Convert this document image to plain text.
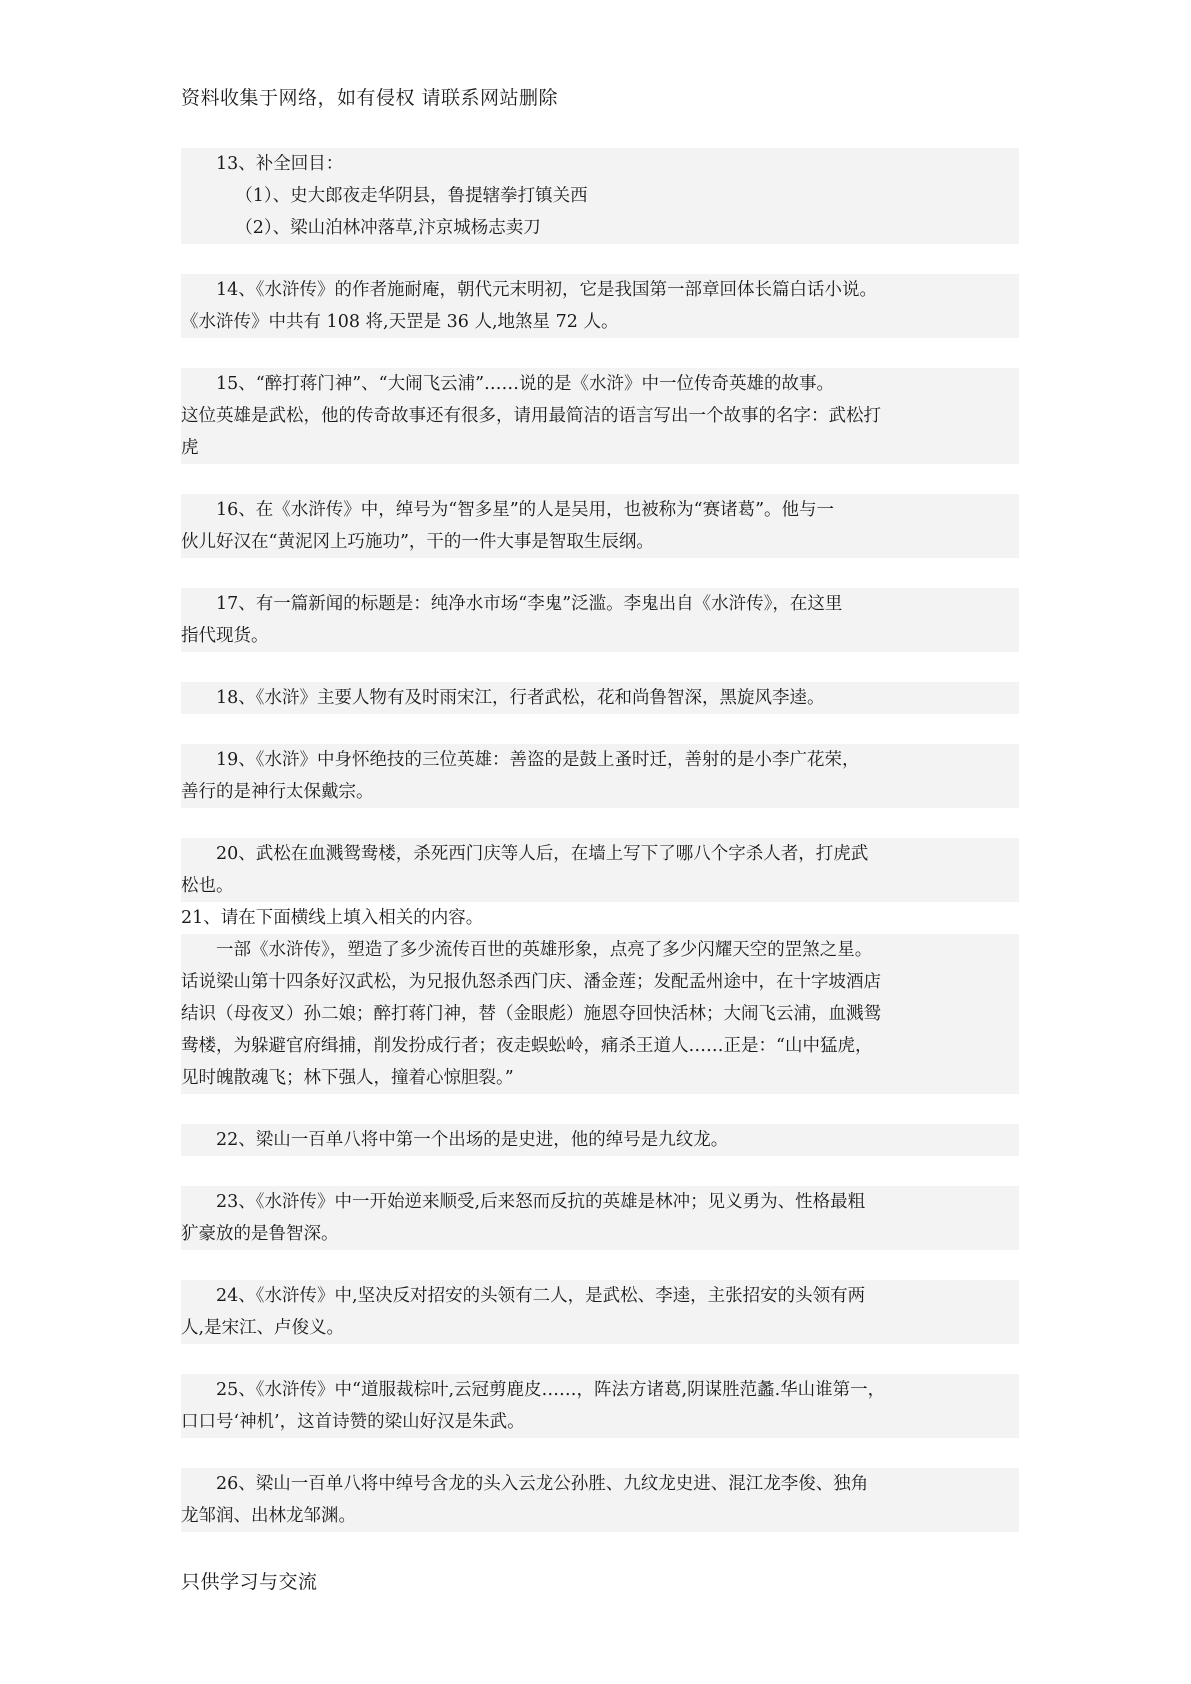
资料收集于网络，如有侵权 请联系网站删除

13、补全回目：

（1）、史大郎夜走华阴县，鲁提辖拳打镇关西

（2）、梁山泊林冲落草,汴京城杨志卖刀

14、《水浒传》的作者施耐庵，朝代元末明初，它是我国第一部章回体长篇白话小说。

《水浒传》中共有 108 将,天罡是 36 人,地煞星 72 人。

15、“醉打蒋门神”、“大闹飞云浦”……说的是《水浒》中一位传奇英雄的故事。

这位英雄是武松，他的传奇故事还有很多，请用最简洁的语言写出一个故事的名字：武松打

虎

16、在《水浒传》中，绰号为“智多星”的人是吴用，也被称为“赛诸葛”。他与一

伙儿好汉在“黄泥冈上巧施功”，干的一件大事是智取生辰纲。

17、有一篇新闻的标题是：纯净水市场“李鬼”泛滥。李鬼出自《水浒传》，在这里

指代现货。

18、《水浒》主要人物有及时雨宋江，行者武松，花和尚鲁智深，黑旋风李逵。

19、《水浒》中身怀绝技的三位英雄：善盗的是鼓上蚤时迁，善射的是小李广花荣，

善行的是神行太保戴宗。

20、武松在血溅鸳鸯楼，杀死西门庆等人后，在墙上写下了哪八个字杀人者，打虎武

松也。

21、请在下面横线上填入相关的内容。

一部《水浒传》，塑造了多少流传百世的英雄形象，点亮了多少闪耀天空的罡煞之星。

话说梁山第十四条好汉武松，为兄报仇怒杀西门庆、潘金莲；发配孟州途中，在十字坡酒店

结识（母夜叉）孙二娘；醉打蒋门神，替（金眼彪）施恩夺回快活林；大闹飞云浦，血溅鸳

鸯楼，为躲避官府缉捕，削发扮成行者；夜走蜈蚣岭，痛杀王道人……正是：“山中猛虎，

见时魄散魂飞；林下强人，撞着心惊胆裂。”

22、梁山一百单八将中第一个出场的是史进，他的绰号是九纹龙。

23、《水浒传》中一开始逆来顺受,后来怒而反抗的英雄是林冲；见义勇为、性格最粗

犷豪放的是鲁智深。

24、《水浒传》中,坚决反对招安的头领有二人，是武松、李逵，主张招安的头领有两

人,是宋江、卢俊义。

25、《水浒传》中“道服裁棕叶,云冠剪鹿皮……，阵法方诸葛,阴谋胜范蠡.华山谁第一，

口口号‘神机’，这首诗赞的梁山好汉是朱武。

26、梁山一百单八将中绰号含龙的头入云龙公孙胜、九纹龙史进、混江龙李俊、独角

龙邹润、出林龙邹渊。

只供学习与交流
